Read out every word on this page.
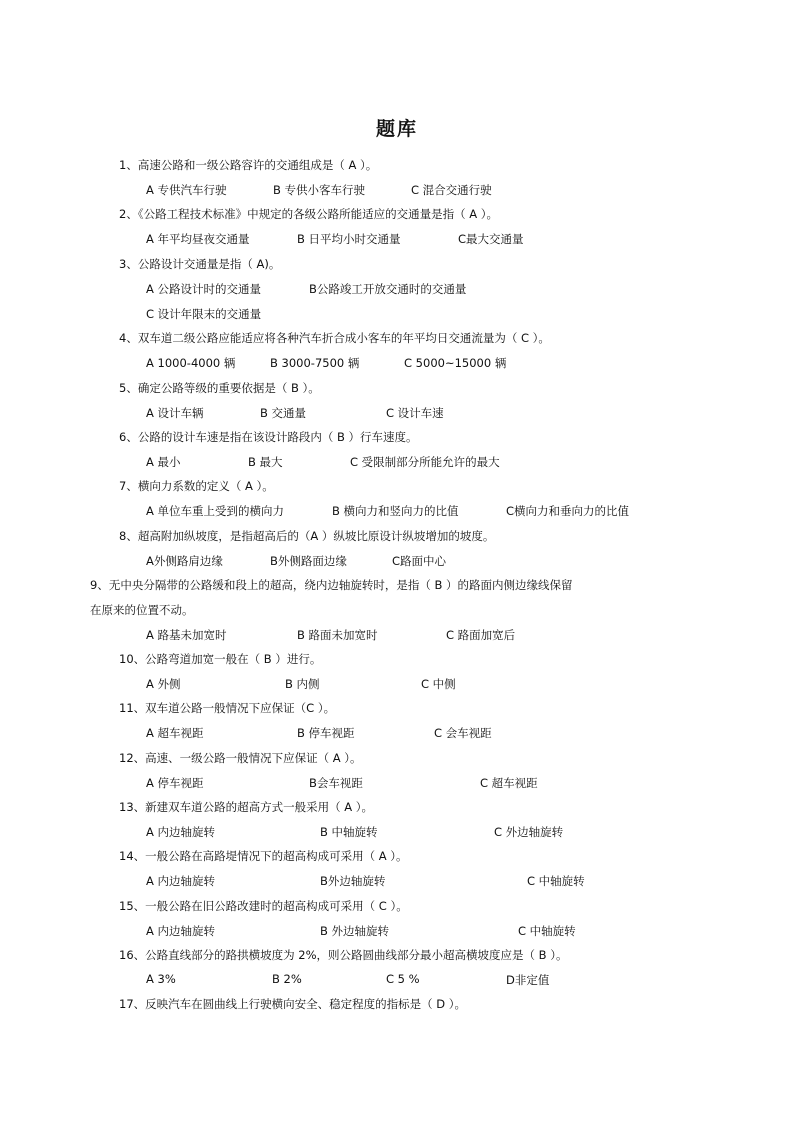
题库
1、高速公路和一级公路容许的交通组成是（ A ）。
A 专供汽车行驶	B 专供小客车行驶	C 混合交通行驶
2、《公路工程技术标准》中规定的各级公路所能适应的交通量是指（ A ）。
A 年平均昼夜交通量	B 日平均小时交通量	C最大交通量
3、公路设计交通量是指（ A)。
A 公路设计时的交通量	B公路竣工开放交通时的交通量
C 设计年限末的交通量
4、双车道二级公路应能适应将各种汽车折合成小客车的年平均日交通流量为（ C ）。
A 1000-4000 辆	B 3000-7500 辆	C 5000~15000 辆
5、确定公路等级的重要依据是（ B ）。
A 设计车辆	B 交通量	C 设计车速
6、公路的设计车速是指在该设计路段内（ B ）行车速度。
A 最小	B 最大	C 受限制部分所能允许的最大
7、横向力系数的定义（ A ）。
A 单位车重上受到的横向力	B 横向力和竖向力的比值	C横向力和垂向力的比值
8、超高附加纵坡度，是指超高后的（A ）纵坡比原设计纵坡增加的坡度。
A外侧路肩边缘	B外侧路面边缘	C路面中心
9、无中央分隔带的公路缓和段上的超高，绕内边轴旋转时，是指（ B ）的路面内侧边缘线保留
在原来的位置不动。
A 路基未加宽时	B 路面未加宽时	C 路面加宽后
10、公路弯道加宽一般在（ B ）进行。
A 外侧	B 内侧	C 中侧
11、双车道公路一般情况下应保证（C ）。
A 超车视距	B 停车视距	C 会车视距
12、高速、一级公路一般情况下应保证（ A ）。
A 停车视距	B会车视距	C 超车视距
13、新建双车道公路的超高方式一般采用（ A ）。
A 内边轴旋转	B 中轴旋转	C 外边轴旋转
14、一般公路在高路堤情况下的超高构成可采用（ A ）。
A 内边轴旋转	B外边轴旋转	C 中轴旋转
15、一般公路在旧公路改建时的超高构成可采用（ C ）。
A 内边轴旋转	B 外边轴旋转	C 中轴旋转
16、公路直线部分的路拱横坡度为 2%，则公路圆曲线部分最小超高横坡度应是（ B ）。
A 3%	B 2%	C 5 %	D非定值
17、反映汽车在圆曲线上行驶横向安全、稳定程度的指标是（ D ）。
